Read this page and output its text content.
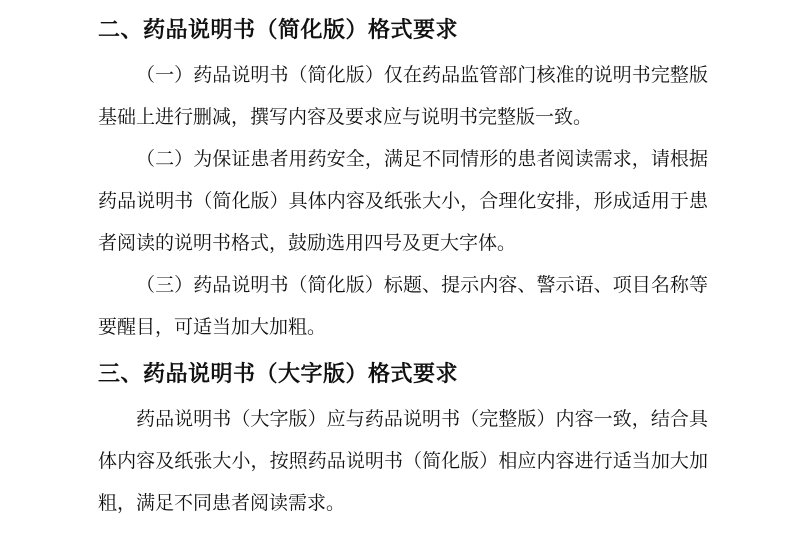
二、药品说明书（简化版）格式要求

（一）药品说明书（简化版）仅在药品监管部门核准的说明书完整版基础上进行删减，撰写内容及要求应与说明书完整版一致。

（二）为保证患者用药安全，满足不同情形的患者阅读需求，请根据药品说明书（简化版）具体内容及纸张大小，合理化安排，形成适用于患者阅读的说明书格式，鼓励选用四号及更大字体。

（三）药品说明书（简化版）标题、提示内容、警示语、项目名称等要醒目，可适当加大加粗。

三、药品说明书（大字版）格式要求

药品说明书（大字版）应与药品说明书（完整版）内容一致，结合具体内容及纸张大小，按照药品说明书（简化版）相应内容进行适当加大加粗，满足不同患者阅读需求。
